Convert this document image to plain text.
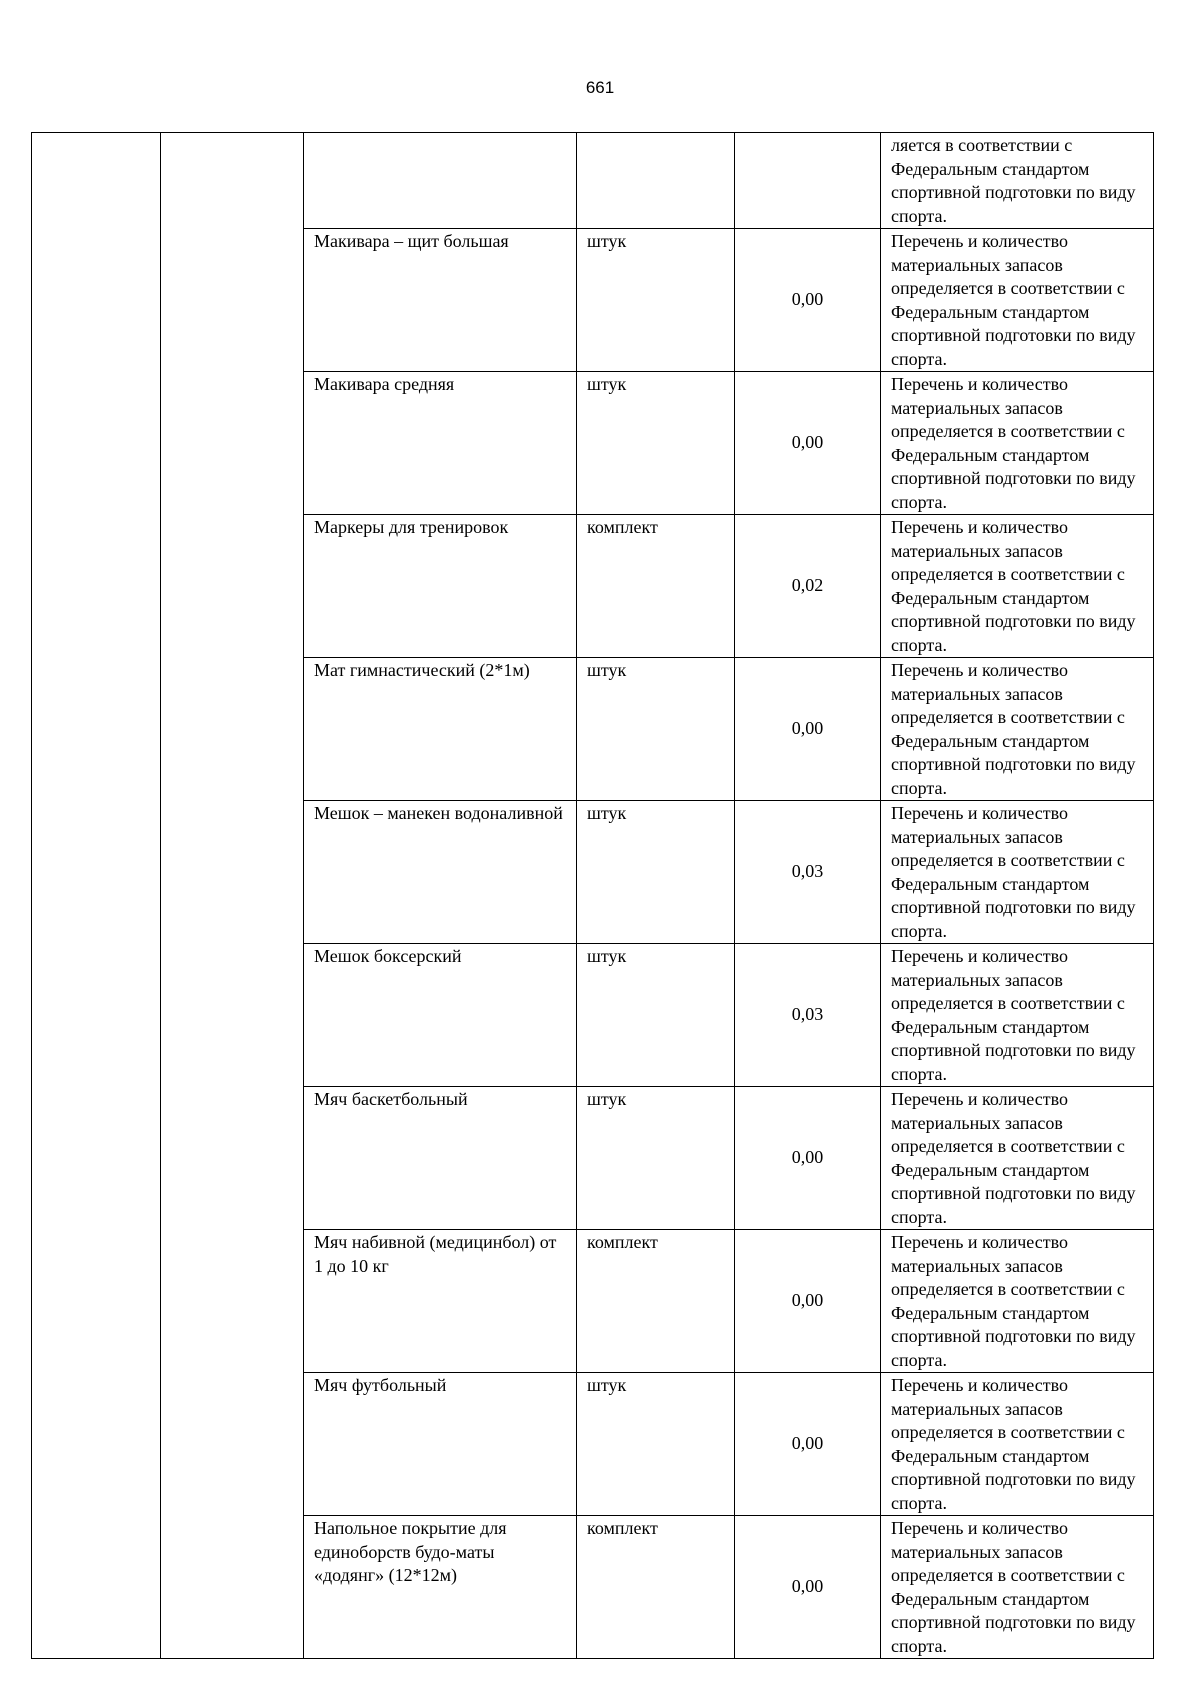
661
					ляется в соответствии с Федеральным стандартом спортивной подготовки по виду спорта.
		Макивара – щит большая	штук	0,00	Перечень и количество материальных запасов определяется в соответствии с Федеральным стандартом спортивной подготовки по виду спорта.
		Макивара средняя	штук	0,00	Перечень и количество материальных запасов определяется в соответствии с Федеральным стандартом спортивной подготовки по виду спорта.
		Маркеры для тренировок	комплект	0,02	Перечень и количество материальных запасов определяется в соответствии с Федеральным стандартом спортивной подготовки по виду спорта.
		Мат гимнастический (2*1м)	штук	0,00	Перечень и количество материальных запасов определяется в соответствии с Федеральным стандартом спортивной подготовки по виду спорта.
		Мешок – манекен водоналивной	штук	0,03	Перечень и количество материальных запасов определяется в соответствии с Федеральным стандартом спортивной подготовки по виду спорта.
		Мешок боксерский	штук	0,03	Перечень и количество материальных запасов определяется в соответствии с Федеральным стандартом спортивной подготовки по виду спорта.
		Мяч баскетбольный	штук	0,00	Перечень и количество материальных запасов определяется в соответствии с Федеральным стандартом спортивной подготовки по виду спорта.
		Мяч набивной (медицинбол) от 1 до 10 кг	комплект	0,00	Перечень и количество материальных запасов определяется в соответствии с Федеральным стандартом спортивной подготовки по виду спорта.
		Мяч футбольный	штук	0,00	Перечень и количество материальных запасов определяется в соответствии с Федеральным стандартом спортивной подготовки по виду спорта.
		Напольное покрытие для единоборств будо-маты «додянг» (12*12м)	комплект	0,00	Перечень и количество материальных запасов определяется в соответствии с Федеральным стандартом спортивной подготовки по виду спорта.
